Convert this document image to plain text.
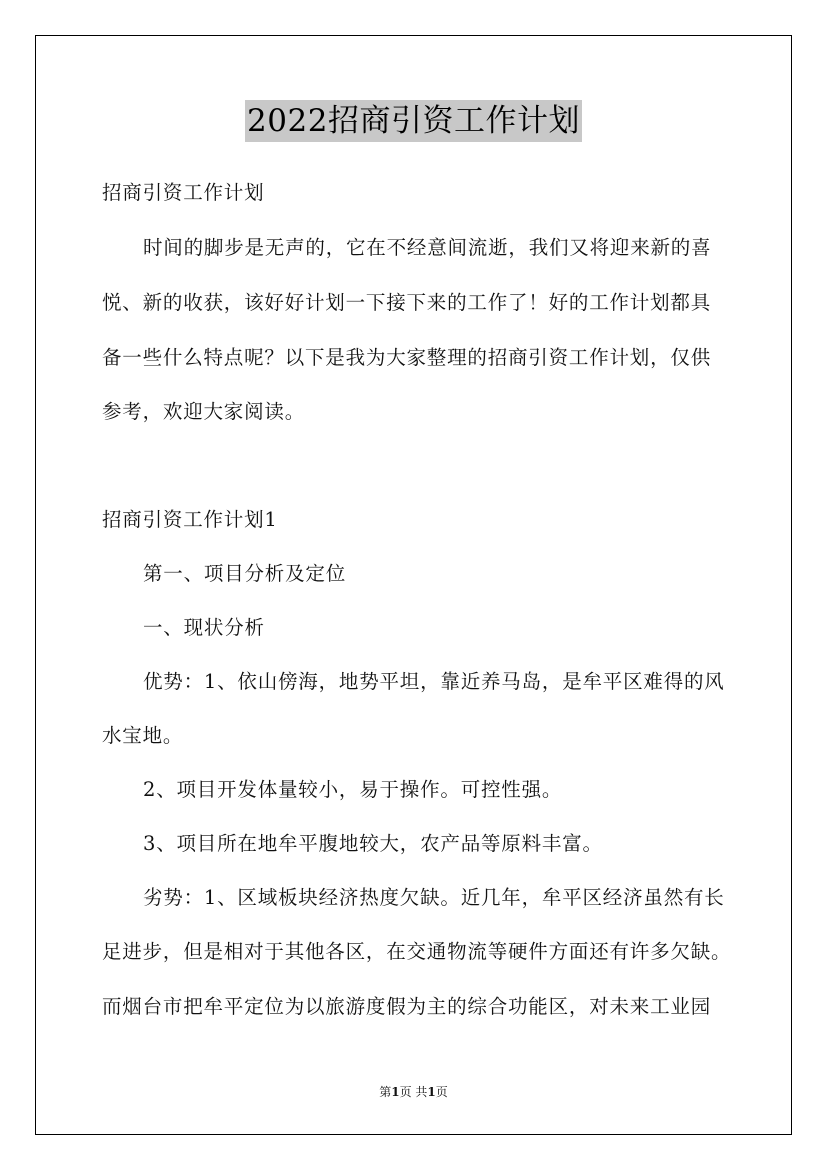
2022招商引资工作计划
招商引资工作计划
时间的脚步是无声的，它在不经意间流逝，我们又将迎来新的喜
悦、新的收获，该好好计划一下接下来的工作了！好的工作计划都具
备一些什么特点呢？以下是我为大家整理的招商引资工作计划，仅供
参考，欢迎大家阅读。
招商引资工作计划1
第一、项目分析及定位
一、现状分析
优势：1、依山傍海，地势平坦，靠近养马岛，是牟平区难得的风
水宝地。
2、项目开发体量较小，易于操作。可控性强。
3、项目所在地牟平腹地较大，农产品等原料丰富。
劣势：1、区域板块经济热度欠缺。近几年，牟平区经济虽然有长
足进步，但是相对于其他各区，在交通物流等硬件方面还有许多欠缺。
而烟台市把牟平定位为以旅游度假为主的综合功能区，对未来工业园
第1页 共1页
